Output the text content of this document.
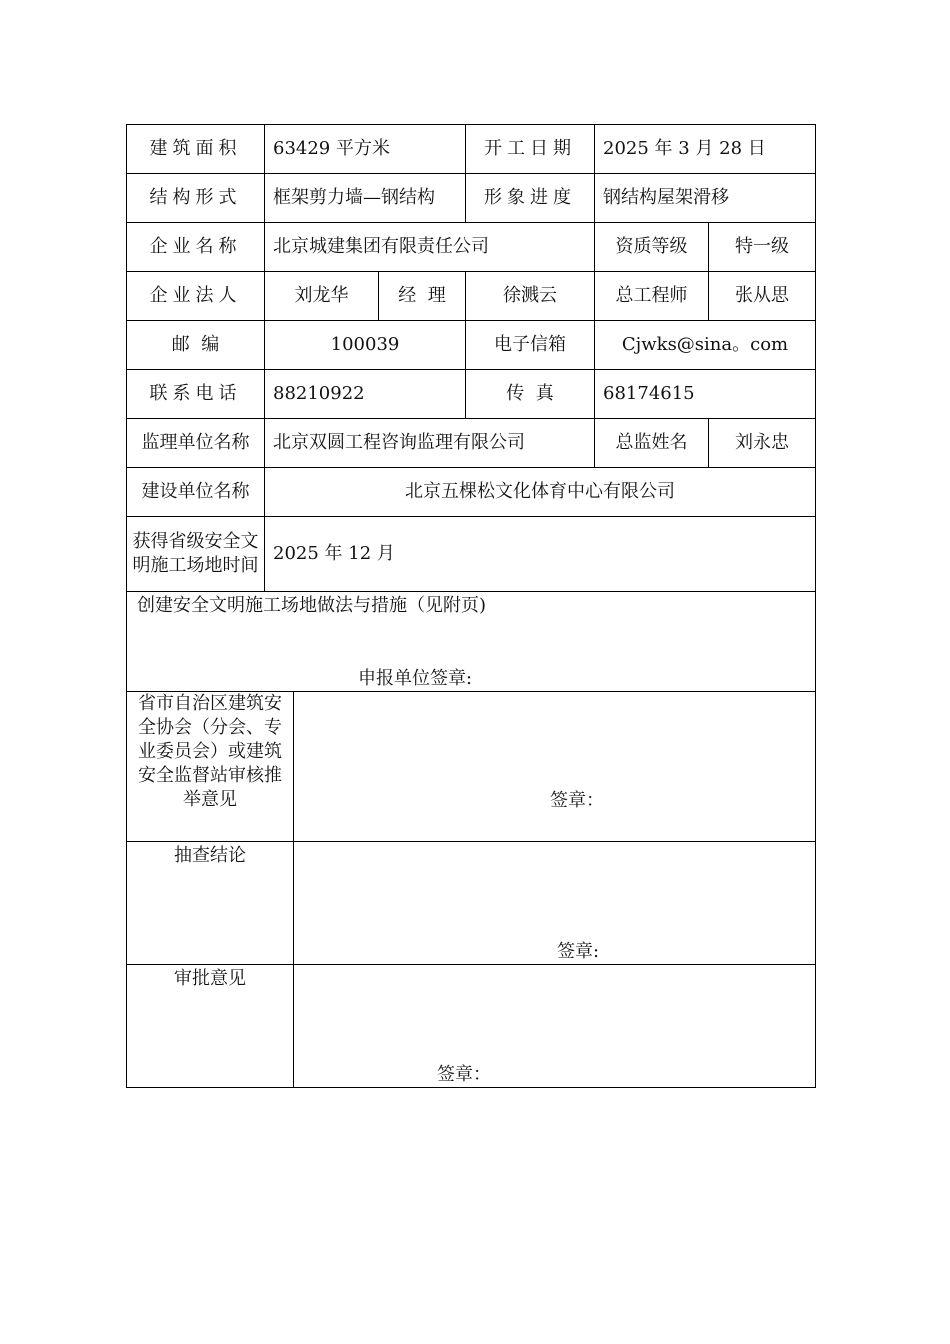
建筑面积	63429 平方米		开工日期	2025 年 3 月 28 日	
结构形式	框架剪力墙—钢结构		形象进度	钢结构屋架滑移	
企业名称	北京城建集团有限责任公司			资质等级	特一级
企业法人	刘龙华	经  理	徐溅云	总工程师	张从思
邮  编	100039		电子信箱	Cjwks@sina。com	
联系电话	88210922		传  真	68174615	
监理单位名称	北京双圆工程咨询监理有限公司			总监姓名	刘永忠
建设单位名称	北京五棵松文化体育中心有限公司				
获得省级安全文明施工场地时间	2025 年 12 月				

创建安全文明施工场地做法与措施（见附页)
申报单位签章:					
省市自治区建筑安全协会（分会、专业委员会）或建筑安全监督站审核推举意见	签章：

抽查结论	签章:

审批意见	签章：
